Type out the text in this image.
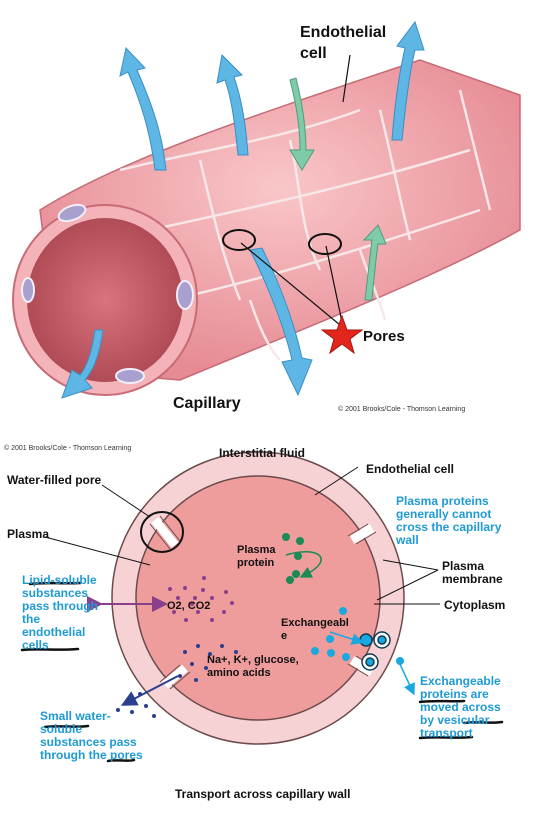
Endothelial
cell
Pores
Capillary	© 2001 Brooks/Cole - Thomson Learning
© 2001 Brooks/Cole - Thomson Learning	Interstitial fluid
Endothelial cell
Water-filled pore
Plasma
Plasma proteins
generally cannot
cross the capillary
wall
Plasma
protein	Plasma
membrane
Cytoplasm
Lipid-soluble
substances
pass through
the
endothelial
cells
O2, CO2
Exchangeabl
e
Na+, K+, glucose,
amino acids
Exchangeable
proteins are
moved across
by vesicular
transport
Small water-
soluble
substances pass
through the pores
Transport across capillary wall
